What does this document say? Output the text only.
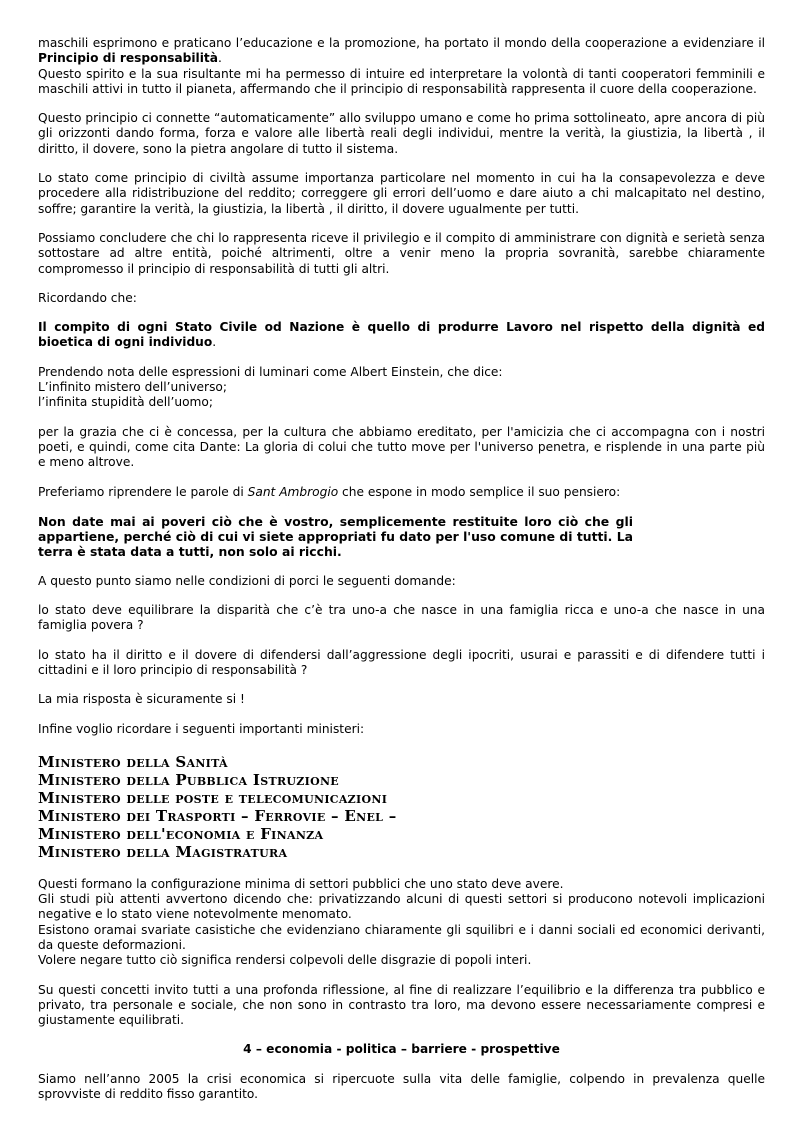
maschili esprimono e praticano l’educazione e la promozione, ha portato il mondo della cooperazione a evidenziare il Principio di responsabilità.

Questo spirito e la sua risultante mi ha permesso di intuire ed interpretare la volontà di tanti cooperatori femminili e maschili attivi in tutto il pianeta, affermando che il principio di responsabilità rappresenta il cuore della cooperazione.

Questo principio ci connette “automaticamente” allo sviluppo umano e come ho prima sottolineato, apre ancora di più gli orizzonti dando forma, forza e valore alle libertà reali degli individui, mentre la verità, la giustizia, la libertà , il diritto, il dovere, sono la pietra angolare di tutto il sistema.

Lo stato come principio di civiltà assume importanza particolare nel momento in cui ha la consapevolezza e deve procedere alla ridistribuzione del reddito; correggere gli errori dell’uomo e dare aiuto a chi malcapitato nel destino, soffre; garantire la verità, la giustizia, la libertà , il diritto, il dovere ugualmente per tutti.

Possiamo concludere che chi lo rappresenta riceve il privilegio e il compito di amministrare con dignità e serietà senza sottostare ad altre entità, poiché altrimenti, oltre a venir meno la propria sovranità, sarebbe chiaramente compromesso il principio di responsabilità di tutti gli altri.

Ricordando che:

Il compito di ogni Stato Civile od Nazione è quello di produrre Lavoro nel rispetto della dignità ed bioetica di ogni individuo.

Prendendo nota delle espressioni di luminari come Albert Einstein, che dice:
L’infinito mistero dell’universo;
l’infinita stupidità dell’uomo;

per la grazia che ci è concessa, per la cultura che abbiamo ereditato, per l'amicizia che ci accompagna con i nostri poeti, e quindi, come cita Dante: La gloria di colui che tutto move per l'universo penetra, e risplende in una parte più e meno altrove.

Preferiamo riprendere le parole di Sant Ambrogio che espone in modo semplice il suo pensiero:

Non date mai ai poveri ciò che è vostro, semplicemente restituite loro ciò che gli appartiene, perché ciò di cui vi siete appropriati fu dato per l'uso comune di tutti. La terra è stata data a tutti, non solo ai ricchi.

A questo punto siamo nelle condizioni di porci le seguenti domande:

lo stato deve equilibrare la disparità che c’è tra uno-a che nasce in una famiglia ricca e uno-a che nasce in una famiglia povera ?

lo stato ha il diritto e il dovere di difendersi dall’aggressione degli ipocriti, usurai e parassiti e di difendere tutti i cittadini e il loro principio di responsabilità ?

La mia risposta è sicuramente si !

Infine voglio ricordare i seguenti importanti ministeri:

Ministero della Sanità
Ministero della Pubblica Istruzione
Ministero delle poste e telecomunicazioni
Ministero dei Trasporti – Ferrovie – Enel –
Ministero dell'economia e Finanza
Ministero della Magistratura

Questi formano la configurazione minima di settori pubblici che uno stato deve avere.
Gli studi più attenti avvertono dicendo che: privatizzando alcuni di questi settori si producono notevoli implicazioni negative e lo stato viene notevolmente menomato.
Esistono oramai svariate casistiche che evidenziano chiaramente gli squilibri e i danni sociali ed economici derivanti, da queste deformazioni.
Volere negare tutto ciò significa rendersi colpevoli delle disgrazie di popoli interi.

Su questi concetti invito tutti a una profonda riflessione, al fine di realizzare l’equilibrio e la differenza tra pubblico e privato, tra personale e sociale, che non sono in contrasto tra loro, ma devono essere necessariamente compresi e giustamente equilibrati.

4 – economia - politica – barriere - prospettive

Siamo nell’anno 2005 la crisi economica si ripercuote sulla vita delle famiglie, colpendo in prevalenza quelle sprovviste di reddito fisso garantito.
